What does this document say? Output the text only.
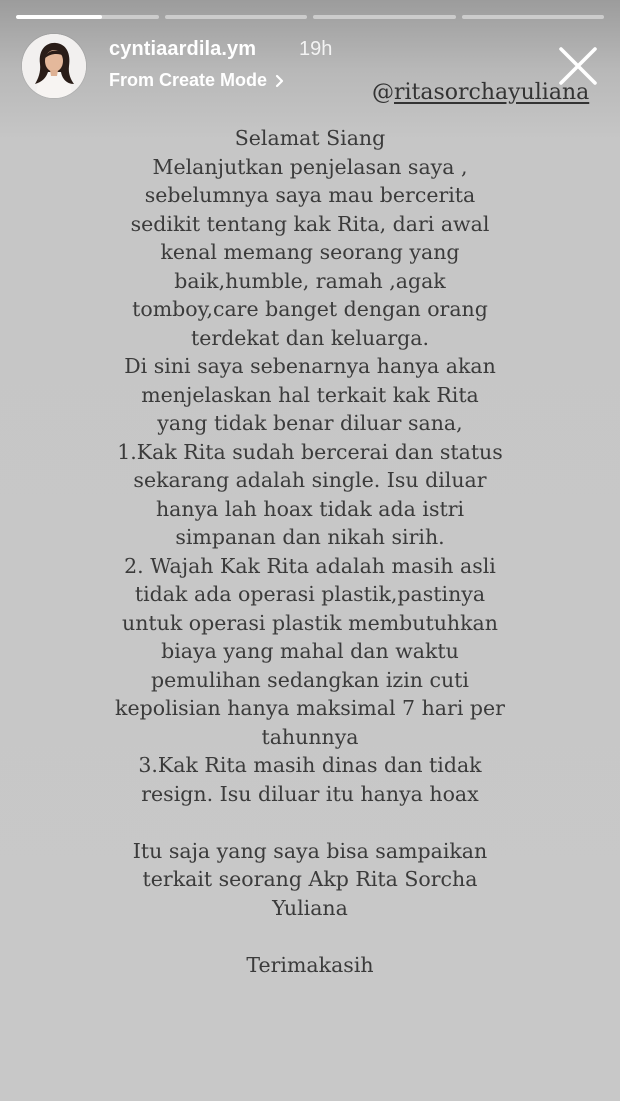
cyntiaardila.ym 19h
From Create Mode	@ritasorchayuliana
Selamat Siang
Melanjutkan penjelasan saya ,
sebelumnya saya mau bercerita
sedikit tentang kak Rita, dari awal
kenal memang seorang yang
baik,humble, ramah ,agak
tomboy,care banget dengan orang
terdekat dan keluarga.
Di sini saya sebenarnya hanya akan
menjelaskan hal terkait kak Rita
yang tidak benar diluar sana,
1.Kak Rita sudah bercerai dan status
sekarang adalah single. Isu diluar
hanya lah hoax tidak ada istri
simpanan dan nikah sirih.
2. Wajah Kak Rita adalah masih asli
tidak ada operasi plastik,pastinya
untuk operasi plastik membutuhkan
biaya yang mahal dan waktu
pemulihan sedangkan izin cuti
kepolisian hanya maksimal 7 hari per
tahunnya
3.Kak Rita masih dinas dan tidak
resign. Isu diluar itu hanya hoax
Itu saja yang saya bisa sampaikan
terkait seorang Akp Rita Sorcha
Yuliana
Terimakasih
